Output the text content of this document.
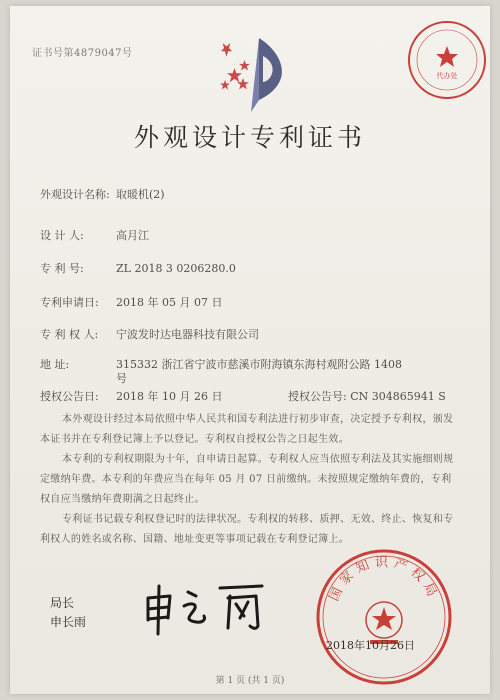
证书号第4879047号
代办处
外观设计专利证书
外观设计名称: 取暖机(2)
设 计 人:	高月江
专 利 号:	ZL 2018 3 0206280.0
专利申请日: 2018 年 05 月 07 日
专 利 权 人: 宁波发时达电器科技有限公司
地 址:	315332 浙江省宁波市慈溪市附海镇东海村观附公路 1408
号
授权公告日: 2018 年 10 月 26 日	授权公告号: CN 304865941 S
本外观设计经过本局依照中华人民共和国专利法进行初步审查，决定授予专利权，颁发本证书并在专利登记簿上予以登记。专利权自授权公告之日起生效。
本专利的专利权期限为十年，自申请日起算。专利权人应当依照专利法及其实施细则规定缴纳年费。本专利的年费应当在每年 05 月 07 日前缴纳。未按照规定缴纳年费的，专利权自应当缴纳年费期满之日起终止。
专利证书记载专利权登记时的法律状况。专利权的转移、质押、无效、终止、恢复和专利权人的姓名或名称、国籍、地址变更等事项记载在专利登记簿上。
局长
申长雨
国家知识产权局
2018年10月26日
第 1 页 (共 1 页)
